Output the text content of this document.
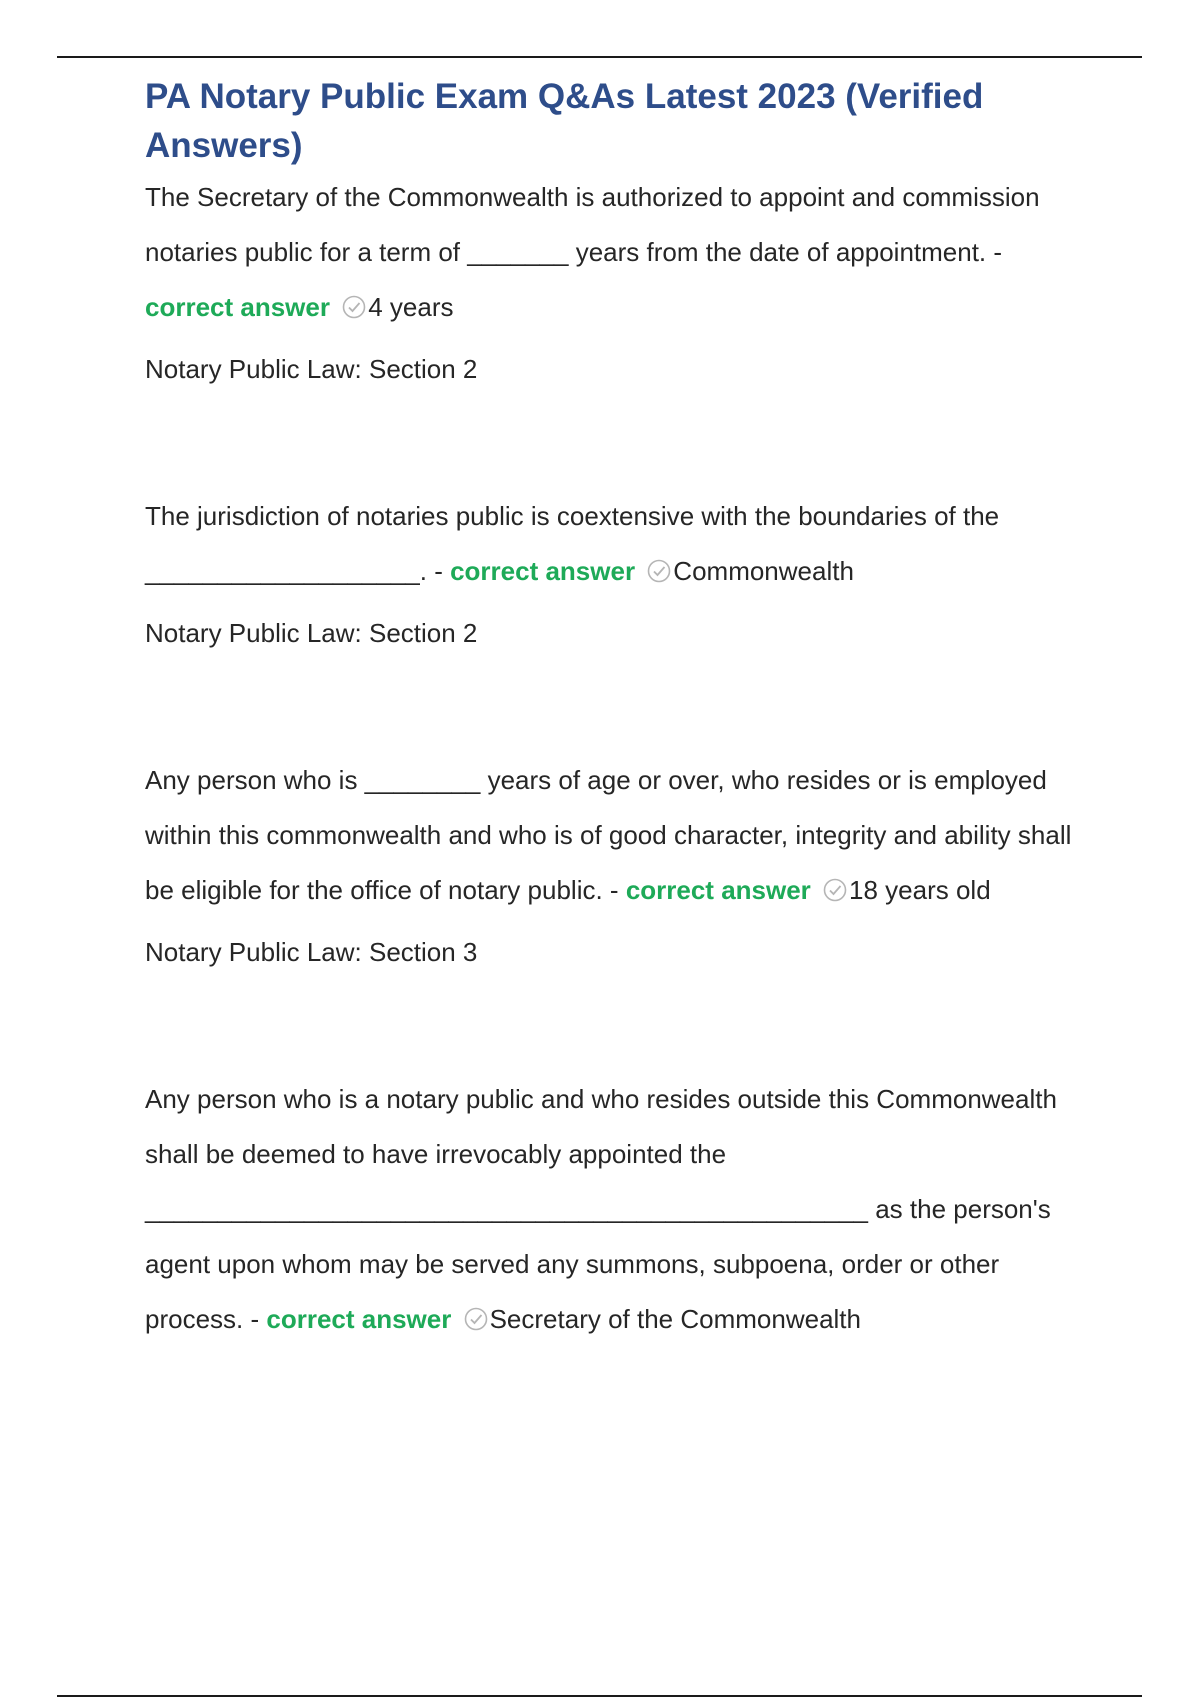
PA Notary Public Exam Q&As Latest 2023 (Verified Answers)

The Secretary of the Commonwealth is authorized to appoint and commission notaries public for a term of _______ years from the date of appointment. - correct answer 4 years

Notary Public Law: Section 2

The jurisdiction of notaries public is coextensive with the boundaries of the ___________________. - correct answer Commonwealth

Notary Public Law: Section 2

Any person who is ________ years of age or over, who resides or is employed within this commonwealth and who is of good character, integrity and ability shall be eligible for the office of notary public. - correct answer 18 years old

Notary Public Law: Section 3

Any person who is a notary public and who resides outside this Commonwealth shall be deemed to have irrevocably appointed the __________________________________________________ as the person's agent upon whom may be served any summons, subpoena, order or other process. - correct answer Secretary of the Commonwealth
